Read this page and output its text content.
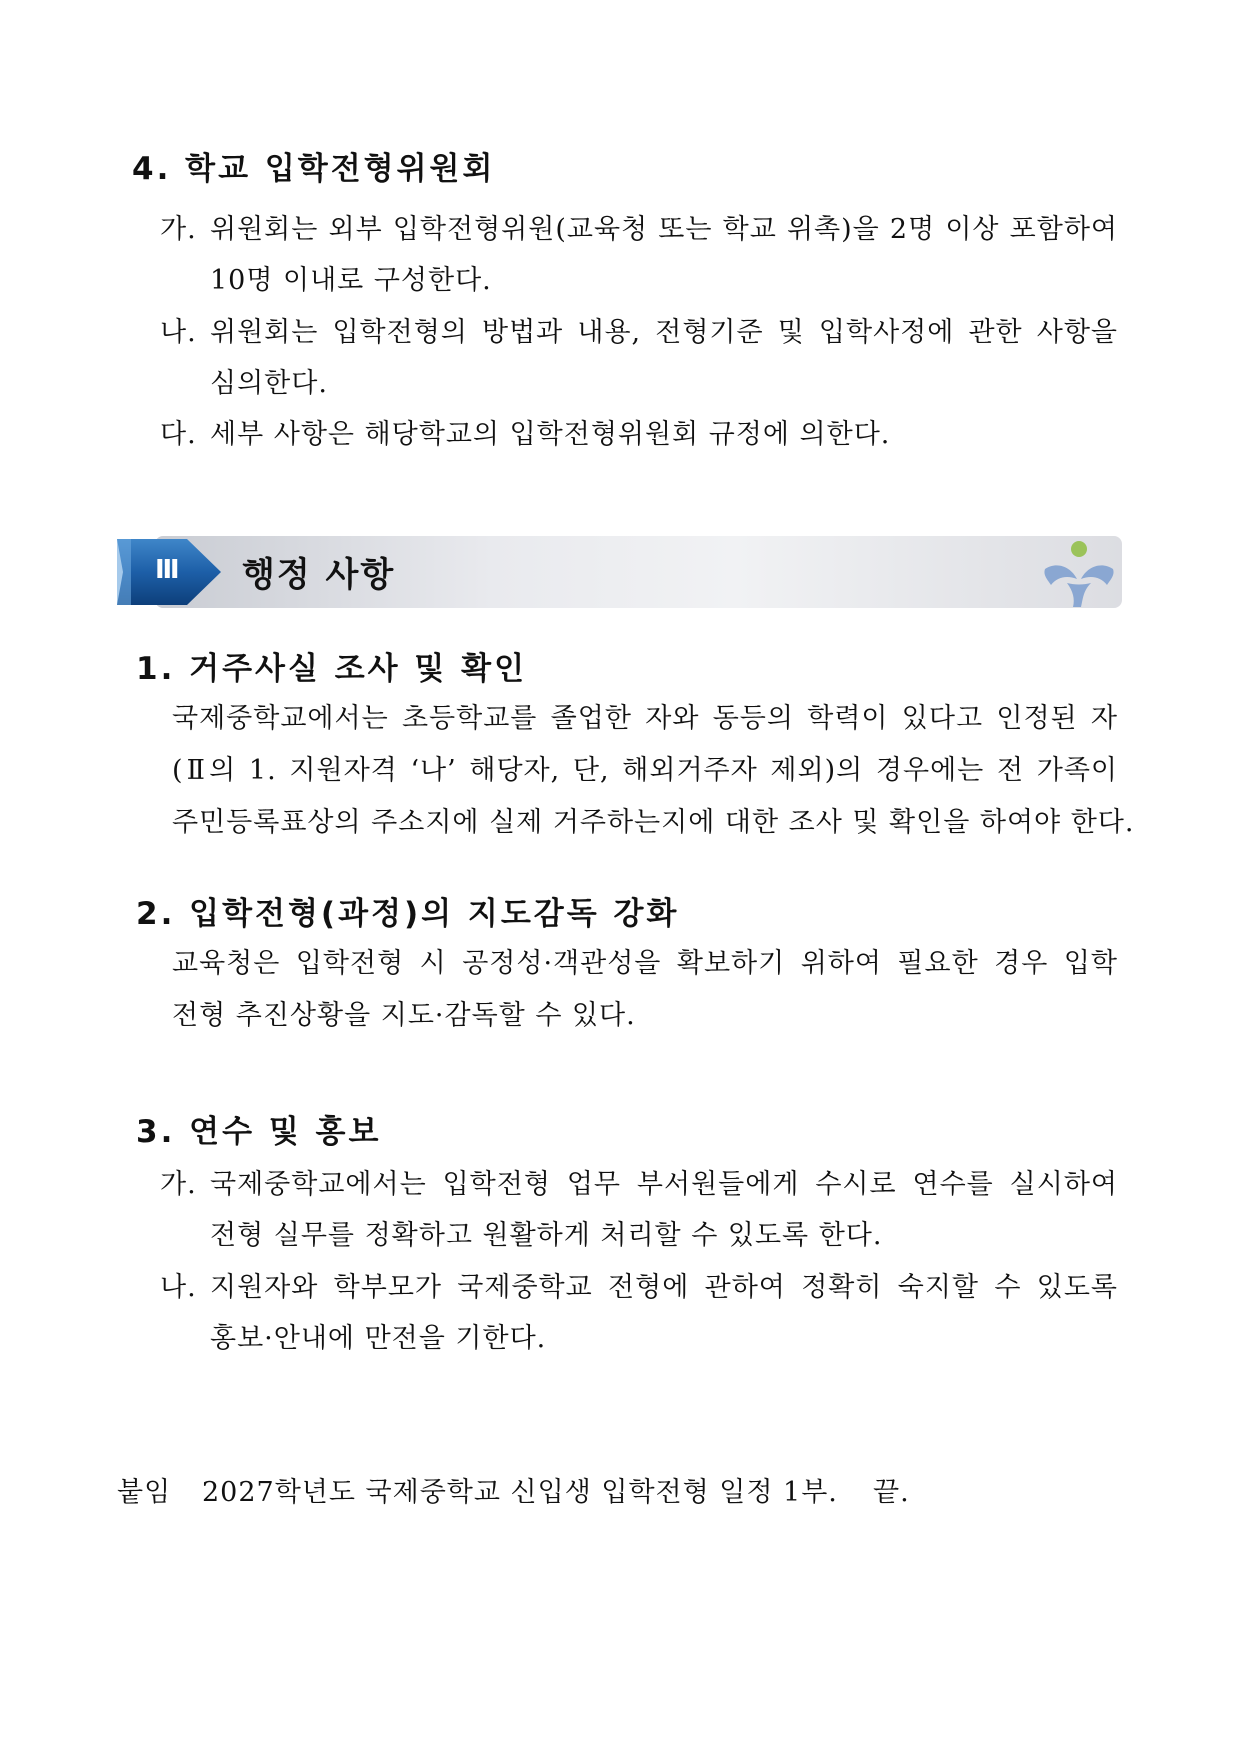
4. 학교 입학전형위원회
가. 위원회는 외부 입학전형위원(교육청 또는 학교 위촉)을 2명 이상 포함하여
10명 이내로 구성한다.
나. 위원회는 입학전형의 방법과 내용, 전형기준 및 입학사정에 관한 사항을
심의한다.
다. 세부 사항은 해당학교의 입학전형위원회 규정에 의한다.
Ⅲ 행정 사항
1. 거주사실 조사 및 확인
국제중학교에서는 초등학교를 졸업한 자와 동등의 학력이 있다고 인정된 자
(Ⅱ의 1. 지원자격 ‘나’ 해당자, 단, 해외거주자 제외)의 경우에는 전 가족이
주민등록표상의 주소지에 실제 거주하는지에 대한 조사 및 확인을 하여야 한다.
2. 입학전형(과정)의 지도감독 강화
교육청은 입학전형 시 공정성·객관성을 확보하기 위하여 필요한 경우 입학
전형 추진상황을 지도·감독할 수 있다.
3. 연수 및 홍보
가. 국제중학교에서는 입학전형 업무 부서원들에게 수시로 연수를 실시하여
전형 실무를 정확하고 원활하게 처리할 수 있도록 한다.
나. 지원자와 학부모가 국제중학교 전형에 관하여 정확히 숙지할 수 있도록
홍보·안내에 만전을 기한다.
붙임 2027학년도 국제중학교 신입생 입학전형 일정 1부. 끝.
